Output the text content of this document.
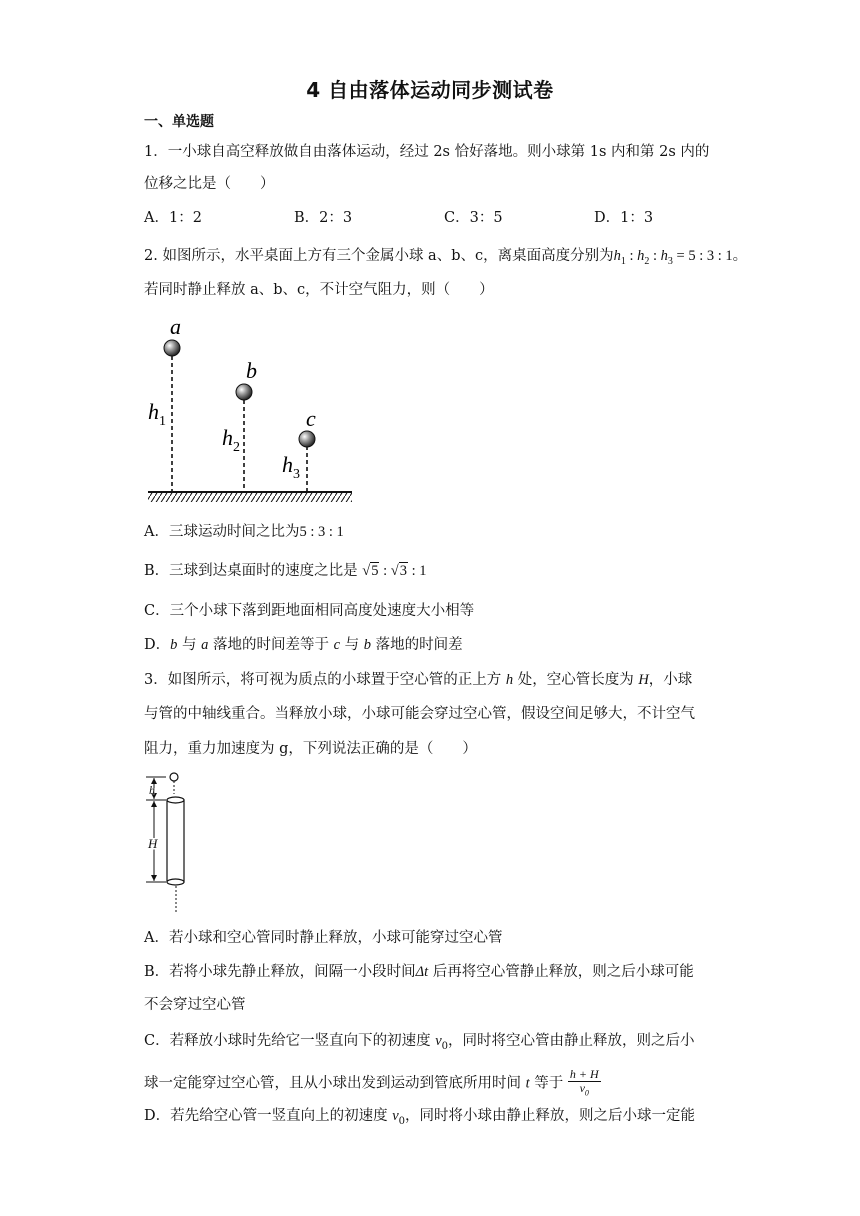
4 自由落体运动同步测试卷
一、单选题
1．一小球自高空释放做自由落体运动，经过 2s 恰好落地。则小球第 1s 内和第 2s 内的
位移之比是（　　）
A．1：2	B．2：3	C．3：5	D．1：3
2. 如图所示，水平桌面上方有三个金属小球 a、b、c，离桌面高度分别为$h_1$ : $h_2$ : $h_3 = 5$ : 3 : 1。
若同时静止释放 a、b、c，不计空气阻力，则（　　）
a
b
c
$h_1$
$h_2$
$h_3$
A．三球运动时间之比为5 : 3 : 1
B．三球到达桌面时的速度之比是 √5 : √3 : 1
C．三个小球下落到距地面相同高度处速度大小相等
D．b 与 a 落地的时间差等于 c 与 b 落地的时间差
3．如图所示，将可视为质点的小球置于空心管的正上方 h 处，空心管长度为 H，小球
与管的中轴线重合。当释放小球，小球可能会穿过空心管，假设空间足够大，不计空气
阻力，重力加速度为 g，下列说法正确的是（　　）
h
H
A．若小球和空心管同时静止释放，小球可能穿过空心管
B．若将小球先静止释放，间隔一小段时间Δt 后再将空心管静止释放，则之后小球可能
不会穿过空心管
C．若释放小球时先给它一竖直向下的初速度 $v_0$，同时将空心管由静止释放，则之后小
球一定能穿过空心管，且从小球出发到运动到管底所用时间 t 等于 $\frac{h + H}{v_0}$
D．若先给空心管一竖直向上的初速度 $v_0$，同时将小球由静止释放，则之后小球一定能
